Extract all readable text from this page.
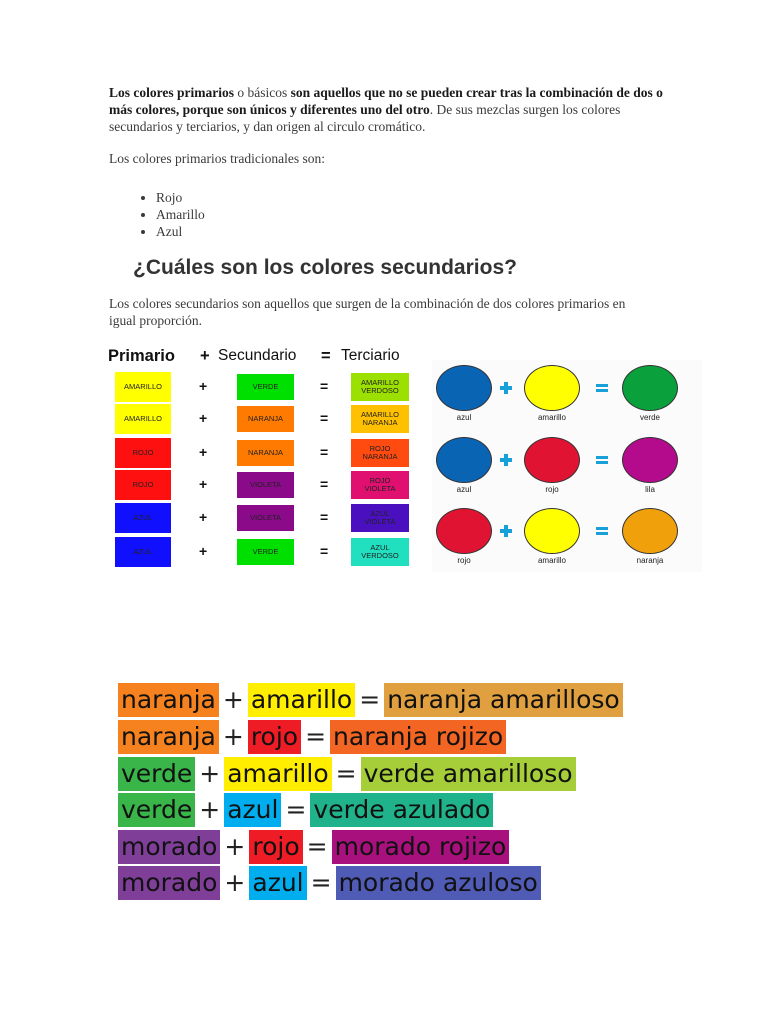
Los colores primarios o básicos son aquellos que no se pueden crear tras la combinación de dos o más colores, porque son únicos y diferentes uno del otro. De sus mezclas surgen los colores secundarios y terciarios, y dan origen al circulo cromático.

Los colores primarios tradicionales son:

• Rojo
• Amarillo
• Azul
¿Cuáles son los colores secundarios?

Los colores secundarios son aquellos que surgen de la combinación de dos colores primarios en igual proporción.

Primario + Secundario = Terciario
AMARILLO	+	VERDE	=	AMARILLO VERDOSO
AMARILLO	+	NARANJA	=	AMARILLO NARANJA
ROJO	+	NARANJA	=	ROJO NARANJA
ROJO	+	VIOLETA	=	ROJO VIOLETA
AZUL	+	VIOLETA	=	AZUL VIOLETA
AZUL	+	VERDE	=	AZUL VERDOSO
azul	amarillo	verde
azul	rojo	lila
rojo	amarillo	naranja
naranja + amarillo = naranja amarilloso
naranja + rojo = naranja rojizo
verde + amarillo = verde amarilloso
verde + azul = verde azulado
morado + rojo = morado rojizo
morado + azul = morado azuloso
